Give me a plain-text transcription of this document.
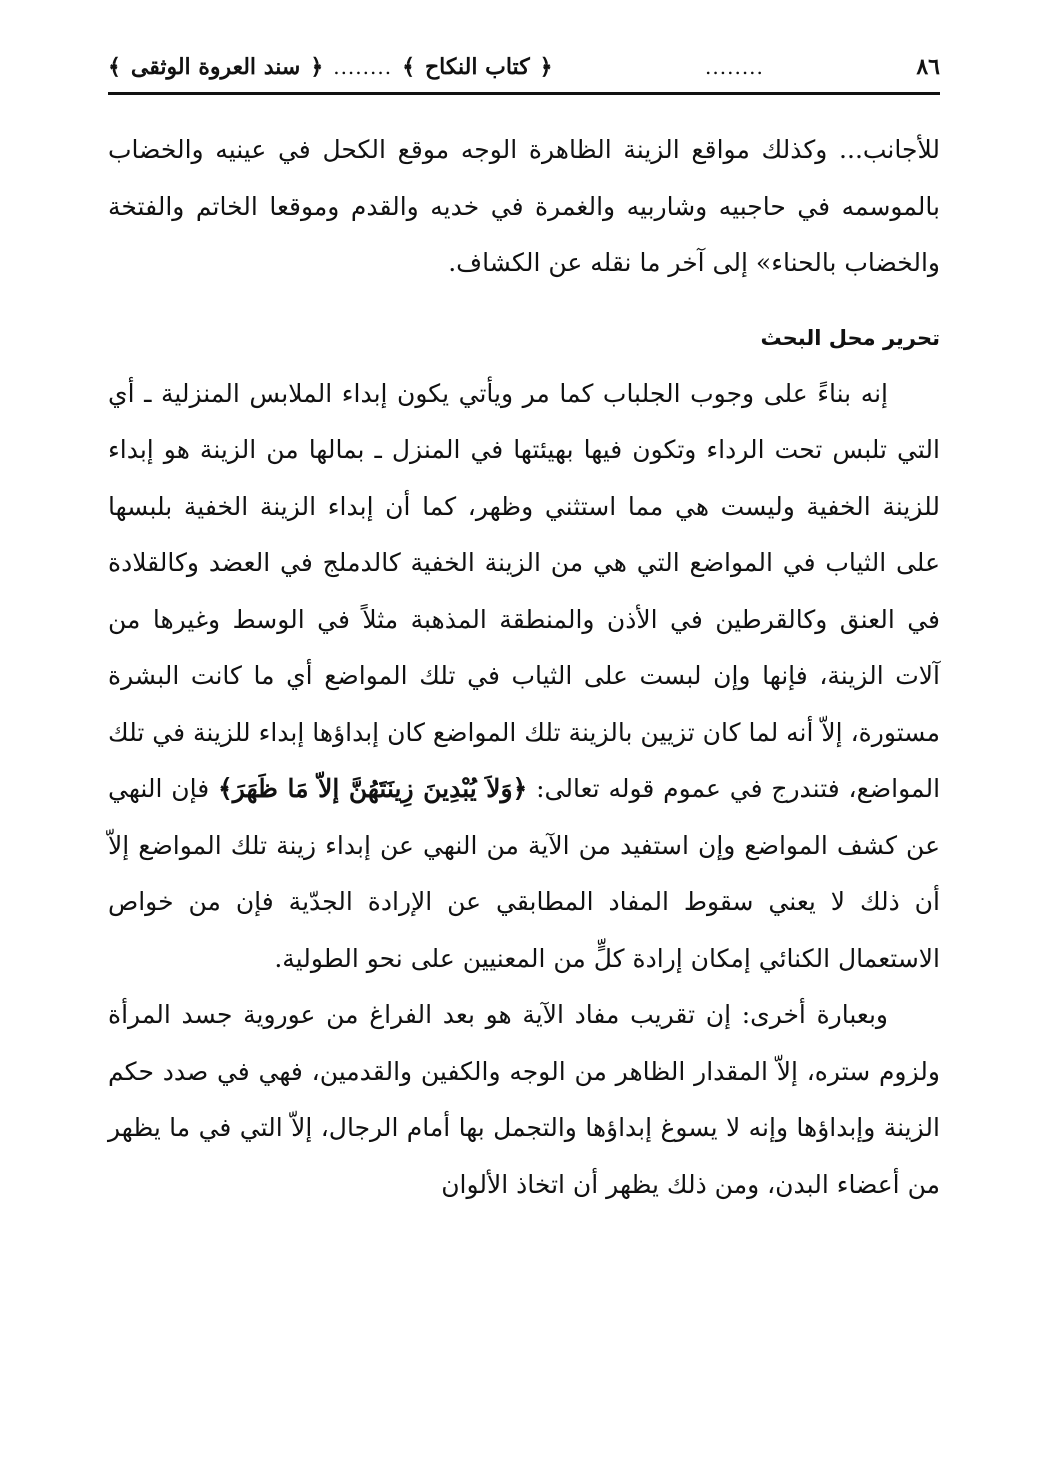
﴾ سند العروة الوثقى ﴿ ........ ﴾ كتاب النكاح ﴿	........	٨٦

للأجانب... وكذلك مواقع الزينة الظاهرة الوجه موقع الكحل في عينيه والخضاب بالموسمه في حاجبيه وشاربيه والغمرة في خديه والقدم وموقعا الخاتم والفتخة والخضاب بالحناء» إلى آخر ما نقله عن الكشاف.

تحرير محل البحث

إنه بناءً على وجوب الجلباب كما مر ويأتي يكون إبداء الملابس المنزلية ـ أي التي تلبس تحت الرداء وتكون فيها بهيئتها في المنزل ـ بمالها من الزينة هو إبداء للزينة الخفية وليست هي مما استثني وظهر، كما أن إبداء الزينة الخفية بلبسها على الثياب في المواضع التي هي من الزينة الخفية كالدملج في العضد وكالقلادة في العنق وكالقرطين في الأذن والمنطقة المذهبة مثلاً في الوسط وغيرها من آلات الزينة، فإنها وإن لبست على الثياب في تلك المواضع أي ما كانت البشرة مستورة، إلاّ أنه لما كان تزيين بالزينة تلك المواضع كان إبداؤها إبداء للزينة في تلك المواضع، فتندرج في عموم قوله تعالى: ﴿وَلاَ يُبْدِينَ زِينَتَهُنَّ إلاّ مَا ظَهَرَ﴾ فإن النهي عن كشف المواضع وإن استفيد من الآية من النهي عن إبداء زينة تلك المواضع إلاّ أن ذلك لا يعني سقوط المفاد المطابقي عن الإرادة الجدّية فإن من خواص الاستعمال الكنائي إمكان إرادة كلٍّ من المعنيين على نحو الطولية.

وبعبارة أخرى: إن تقريب مفاد الآية هو بعد الفراغ من عوروية جسد المرأة ولزوم ستره، إلاّ المقدار الظاهر من الوجه والكفين والقدمين، فهي في صدد حكم الزينة وإبداؤها وإنه لا يسوغ إبداؤها والتجمل بها أمام الرجال، إلاّ التي في ما يظهر من أعضاء البدن، ومن ذلك يظهر أن اتخاذ الألوان
